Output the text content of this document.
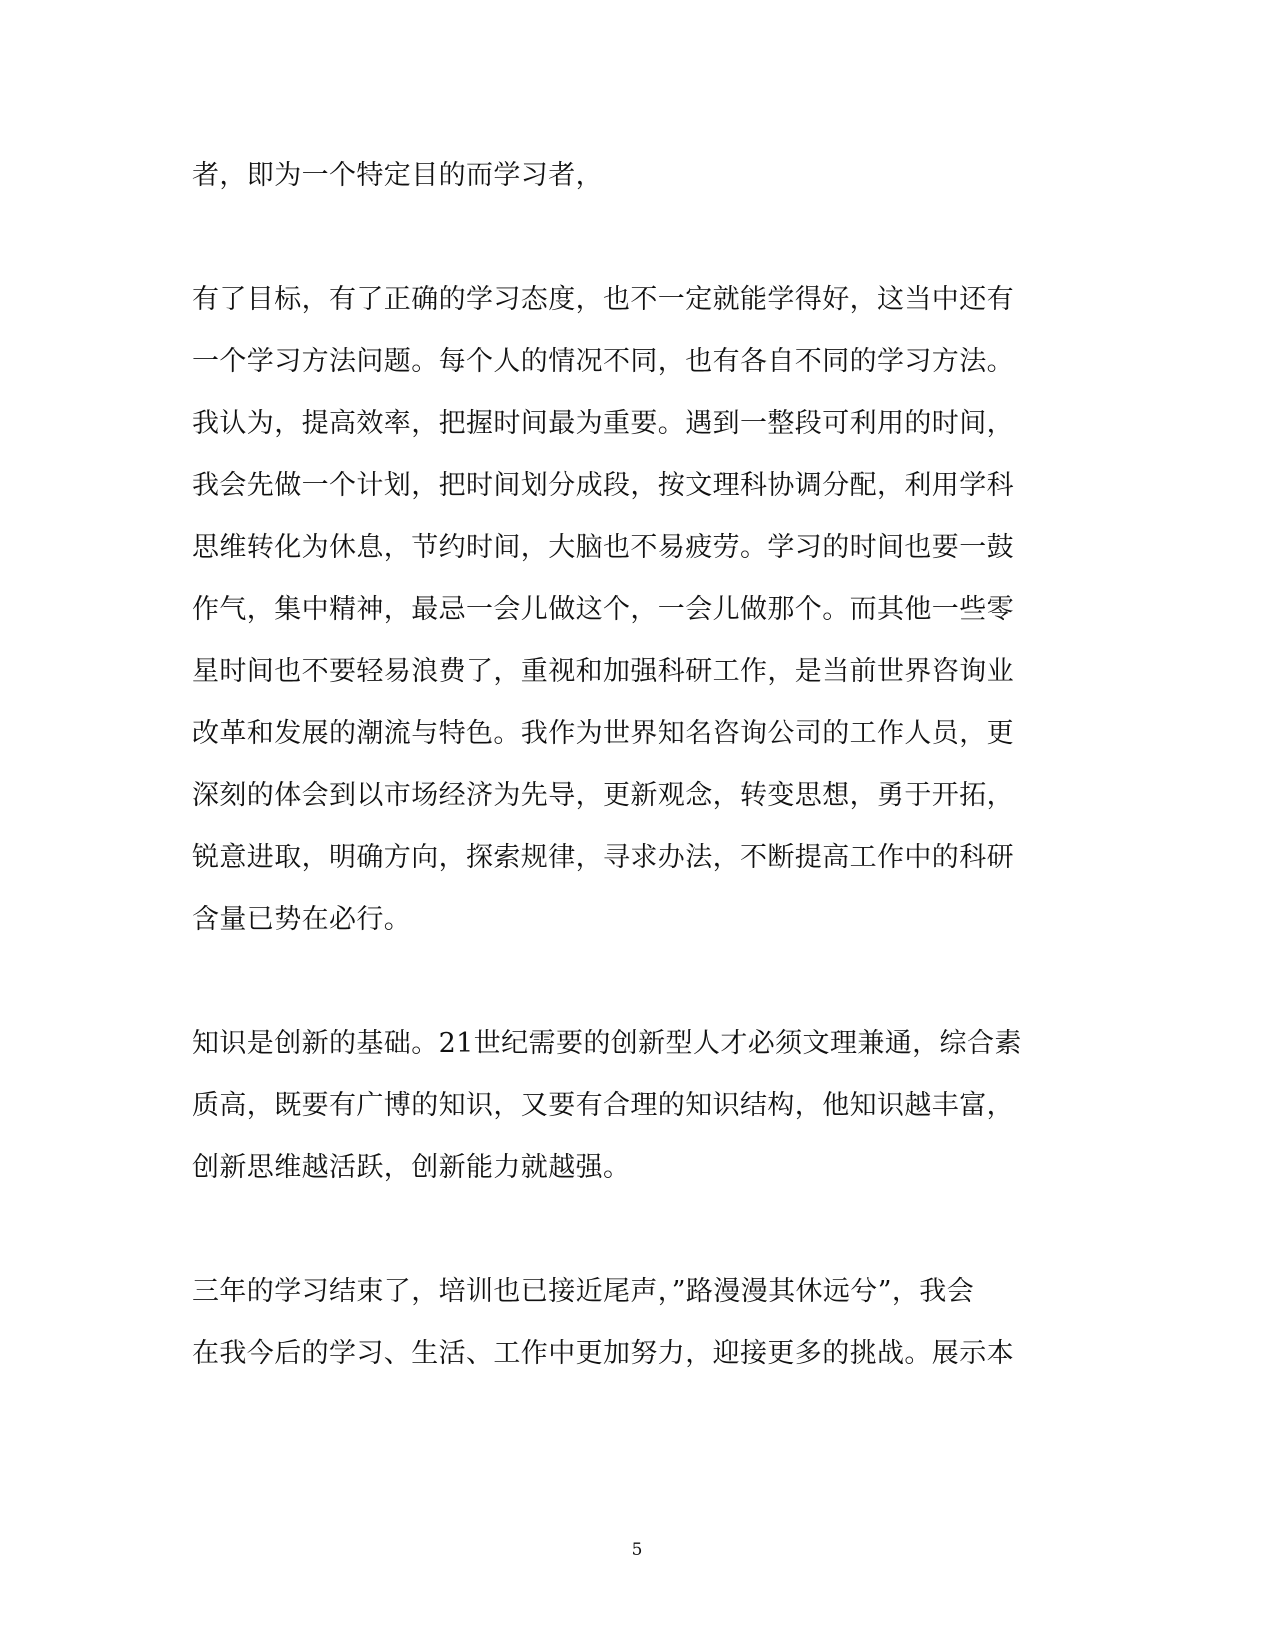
者，即为一个特定目的而学习者，
有了目标，有了正确的学习态度，也不一定就能学得好，这当中还有
一个学习方法问题。每个人的情况不同，也有各自不同的学习方法。
我认为，提高效率，把握时间最为重要。遇到一整段可利用的时间，
我会先做一个计划，把时间划分成段，按文理科协调分配，利用学科
思维转化为休息，节约时间，大脑也不易疲劳。学习的时间也要一鼓
作气，集中精神，最忌一会儿做这个，一会儿做那个。而其他一些零
星时间也不要轻易浪费了，重视和加强科研工作，是当前世界咨询业
改革和发展的潮流与特色。我作为世界知名咨询公司的工作人员，更
深刻的体会到以市场经济为先导，更新观念，转变思想，勇于开拓，
锐意进取，明确方向，探索规律，寻求办法，不断提高工作中的科研
含量已势在必行。
知识是创新的基础。21世纪需要的创新型人才必须文理兼通，综合素
质高，既要有广博的知识，又要有合理的知识结构，他知识越丰富，
创新思维越活跃，创新能力就越强。
三年的学习结束了，培训也已接近尾声，”路漫漫其休远兮”，我会
在我今后的学习、生活、工作中更加努力，迎接更多的挑战。展示本
5
